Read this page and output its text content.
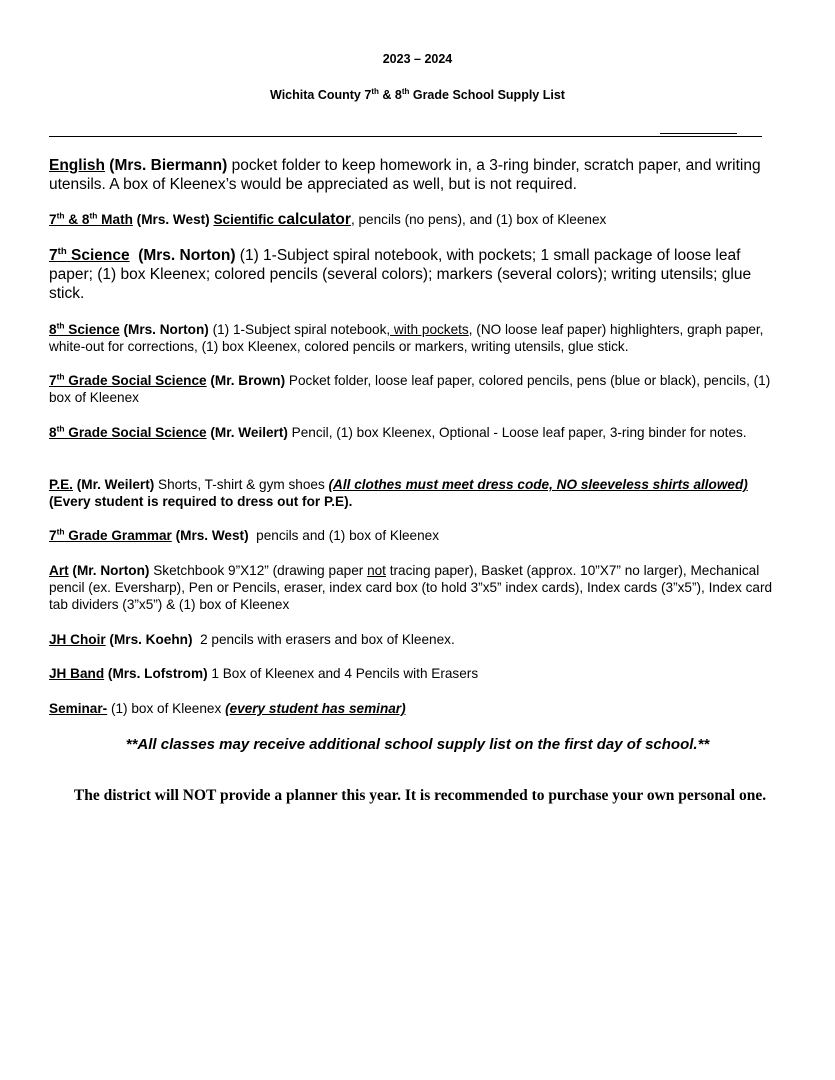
2023 – 2024
Wichita County 7th & 8th Grade School Supply List
English (Mrs. Biermann) pocket folder to keep homework in, a 3-ring binder, scratch paper, and writing utensils. A box of Kleenex’s would be appreciated as well, but is not required.
7th & 8th Math (Mrs. West) Scientific calculator, pencils (no pens), and (1) box of Kleenex
7th Science  (Mrs. Norton) (1) 1-Subject spiral notebook, with pockets; 1 small package of loose leaf paper; (1) box Kleenex; colored pencils (several colors); markers (several colors); writing utensils; glue stick.
8th Science (Mrs. Norton) (1) 1-Subject spiral notebook, with pockets, (NO loose leaf paper) highlighters, graph paper, white-out for corrections, (1) box Kleenex, colored pencils or markers, writing utensils, glue stick.
7th Grade Social Science (Mr. Brown) Pocket folder, loose leaf paper, colored pencils, pens (blue or black), pencils, (1) box of Kleenex
8th Grade Social Science (Mr. Weilert) Pencil, (1) box Kleenex, Optional - Loose leaf paper, 3-ring binder for notes.
P.E. (Mr. Weilert) Shorts, T-shirt & gym shoes (All clothes must meet dress code, NO sleeveless shirts allowed)    (Every student is required to dress out for P.E).
7th Grade Grammar (Mrs. West)  pencils and (1) box of Kleenex
Art (Mr. Norton) Sketchbook 9”X12” (drawing paper not tracing paper), Basket (approx. 10”X7” no larger), Mechanical pencil (ex. Eversharp), Pen or Pencils, eraser, index card box (to hold 3”x5” index cards), Index cards (3”x5”), Index card tab dividers (3”x5”) & (1) box of Kleenex
JH Choir (Mrs. Koehn)  2 pencils with erasers and box of Kleenex.
JH Band (Mrs. Lofstrom) 1 Box of Kleenex and 4 Pencils with Erasers
Seminar- (1) box of Kleenex (every student has seminar)
**All classes may receive additional school supply list on the first day of school.**
The district will NOT provide a planner this year. It is recommended to purchase your own personal one.
